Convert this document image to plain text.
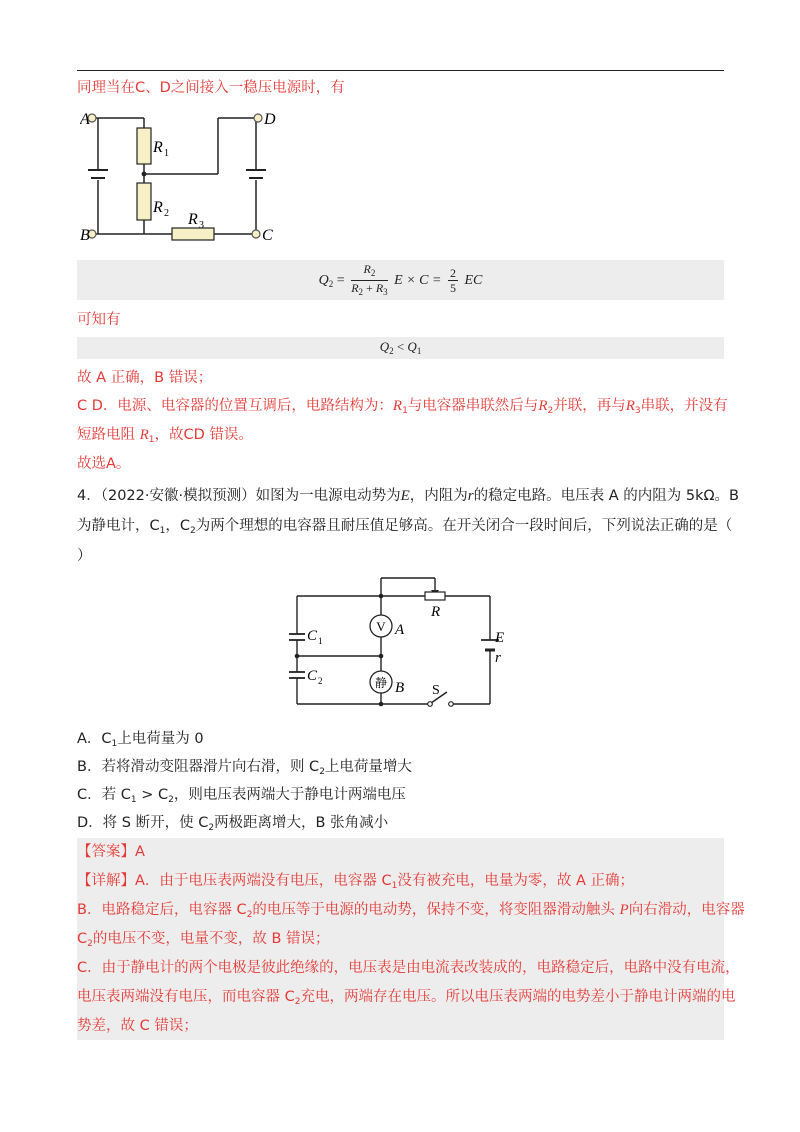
同理当在C、D之间接入一稳压电源时，有
A	D
B	C
R 1
R 2 R 3
$Q_2 = \frac{R_2}{R_2 + R_3}$ $E \times C = \frac{2}{5}$ EC
可知有
$Q_2 < Q_1$
故 A 正确，B 错误；
C D．电源、电容器的位置互调后，电路结构为：$R_1$与电容器串联然后与$R_2$并联，再与$R_3$串联，并没有
短路电阻 $R_1$，故CD 错误。
故选A。
4．（2022·安徽·模拟预测）如图为一电源电动势为E，内阻为r的稳定电路。电压表 A 的内阻为 5kΩ。B
为静电计，$C_1$，$C_2$为两个理想的电容器且耐压值足够高。在开关闭合一段时间后，下列说法正确的是（
）
V
静
C 1
C 2
A
B
R
E
r
S
A．$C_1$上电荷量为 0
B．若将滑动变阻器滑片向右滑，则 $C_2$上电荷量增大
C．若 $C_1 > C_2$，则电压表两端大于静电计两端电压
D．将 S 断开，使 $C_2$两极距离增大，B 张角减小
【答案】A
【详解】A．由于电压表两端没有电压，电容器 $C_1$没有被充电，电量为零，故 A 正确；
B．电路稳定后，电容器 $C_2$的电压等于电源的电动势，保持不变，将变阻器滑动触头 P向右滑动，电容器
$C_2$的电压不变，电量不变，故 B 错误；
C．由于静电计的两个电极是彼此绝缘的，电压表是由电流表改装成的，电路稳定后，电路中没有电流，
电压表两端没有电压，而电容器 $C_2$充电，两端存在电压。所以电压表两端的电势差小于静电计两端的电
势差，故 C 错误；
